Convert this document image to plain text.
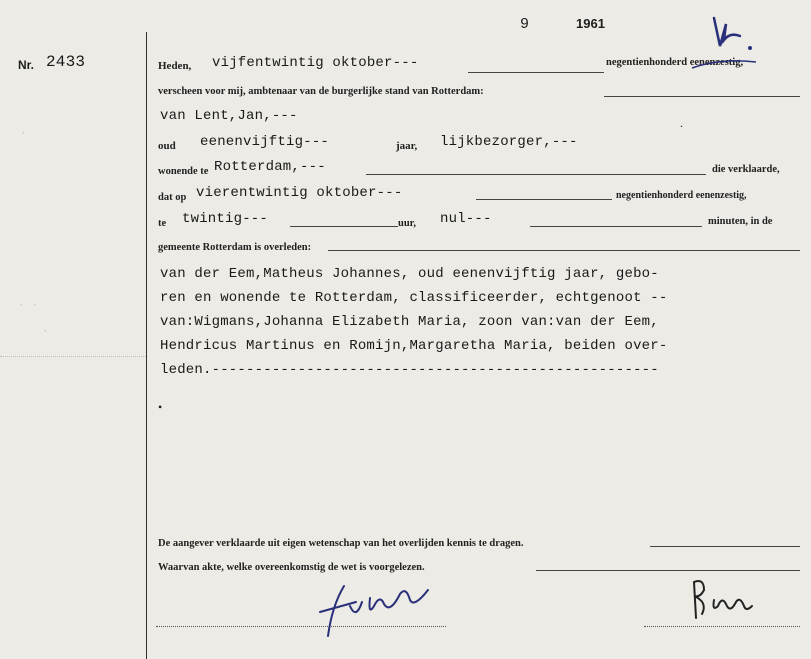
·
· ·
·
9	1961
Nr. 2433	Heden, vijfentwintig oktober---	negentienhonderd eenenzestig,
verscheen voor mij, ambtenaar van de burgerlijke stand van Rotterdam:
van Lent,Jan,---	.
oud eenenvijftig---	jaar, lijkbezorger,---
wonende te Rotterdam,---	die verklaarde,
dat op vierentwintig oktober---	negentienhonderd eenenzestig,
te twintig---	uur, nul---	minuten, in de
gemeente Rotterdam is overleden:
van der Eem,Matheus Johannes, oud eenenvijftig jaar, gebo-
ren en wonende te Rotterdam, classificeerder, echtgenoot --
van:Wigmans,Johanna Elizabeth Maria, zoon van:van der Eem,
Hendricus Martinus en Romijn,Margaretha Maria, beiden over-
leden.----------------------------------------------------
•
De aangever verklaarde uit eigen wetenschap van het overlijden kennis te dragen.
Waarvan akte, welke overeenkomstig de wet is voorgelezen.
